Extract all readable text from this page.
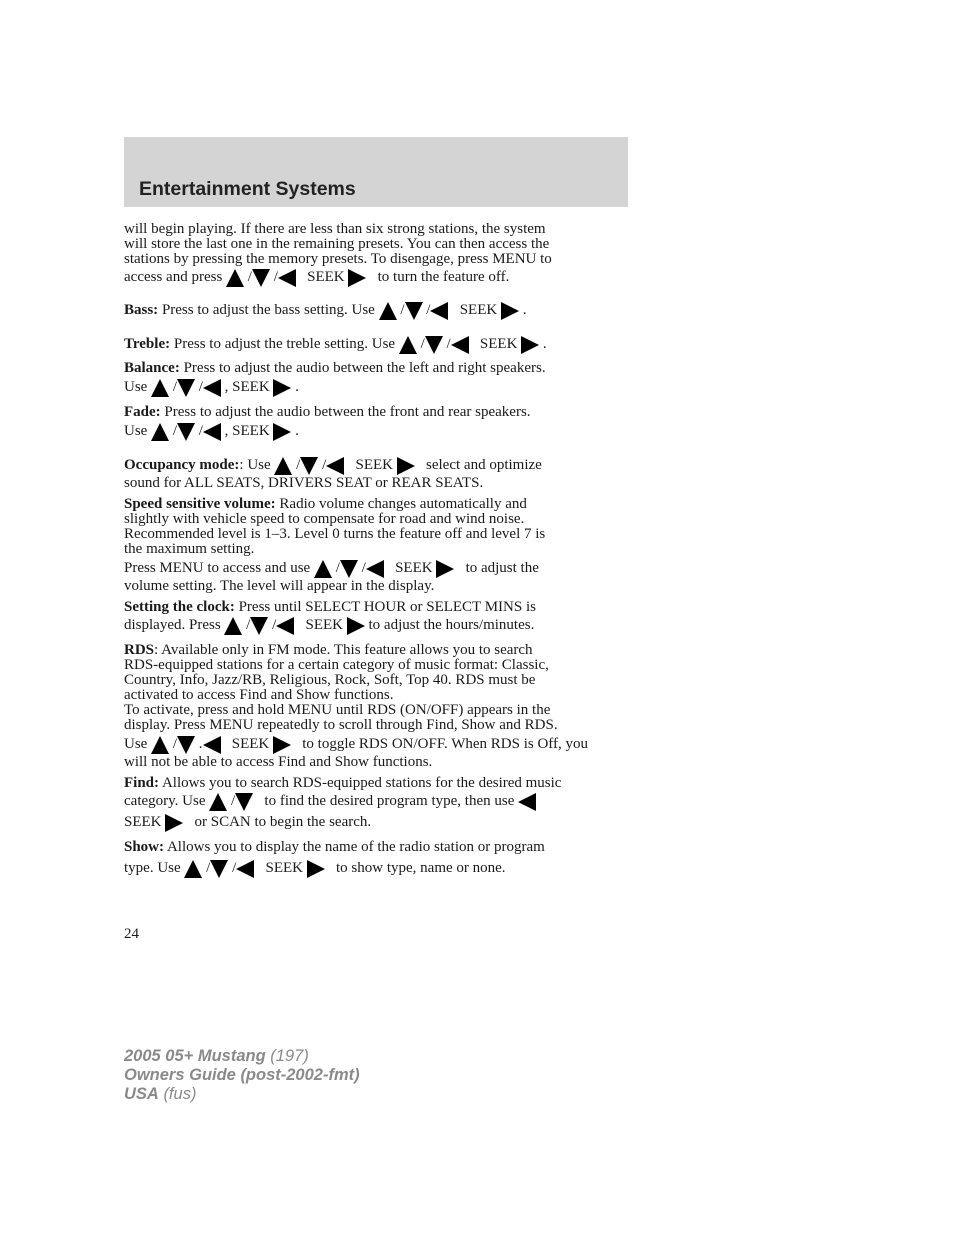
Entertainment Systems
will begin playing. If there are less than six strong stations, the system
will store the last one in the remaining presets. You can then access the
stations by pressing the memory presets. To disengage, press MENU to
access and press  / / SEEK to turn the feature off.
Bass: Press to adjust the bass setting. Use  / / SEEK .
Treble: Press to adjust the treble setting. Use  / / SEEK .
Balance: Press to adjust the audio between the left and right speakers.
Use  / / , SEEK .
Fade: Press to adjust the audio between the front and rear speakers.
Use  / / , SEEK .
Occupancy mode:: Use  / / SEEK select and optimize
sound for ALL SEATS, DRIVERS SEAT or REAR SEATS.
Speed sensitive volume: Radio volume changes automatically and
slightly with vehicle speed to compensate for road and wind noise.
Recommended level is 1–3. Level 0 turns the feature off and level 7 is
the maximum setting.
Press MENU to access and use  / / SEEK to adjust the
volume setting. The level will appear in the display.
Setting the clock: Press until SELECT HOUR or SELECT MINS is
displayed. Press  / / SEEK to adjust the hours/minutes.
RDS: Available only in FM mode. This feature allows you to search
RDS-equipped stations for a certain category of music format: Classic,
Country, Info, Jazz/RB, Religious, Rock, Soft, Top 40. RDS must be
activated to access Find and Show functions.
To activate, press and hold MENU until RDS (ON/OFF) appears in the
display. Press MENU repeatedly to scroll through Find, Show and RDS.
Use  / . SEEK to toggle RDS ON/OFF. When RDS is Off, you
will not be able to access Find and Show functions.
Find: Allows you to search RDS-equipped stations for the desired music
category. Use  / to find the desired program type, then use
SEEK or SCAN to begin the search.
Show: Allows you to display the name of the radio station or program
type. Use  / / SEEK to show type, name or none.
24
2005 05+ Mustang (197)
Owners Guide (post-2002-fmt)
USA (fus)
